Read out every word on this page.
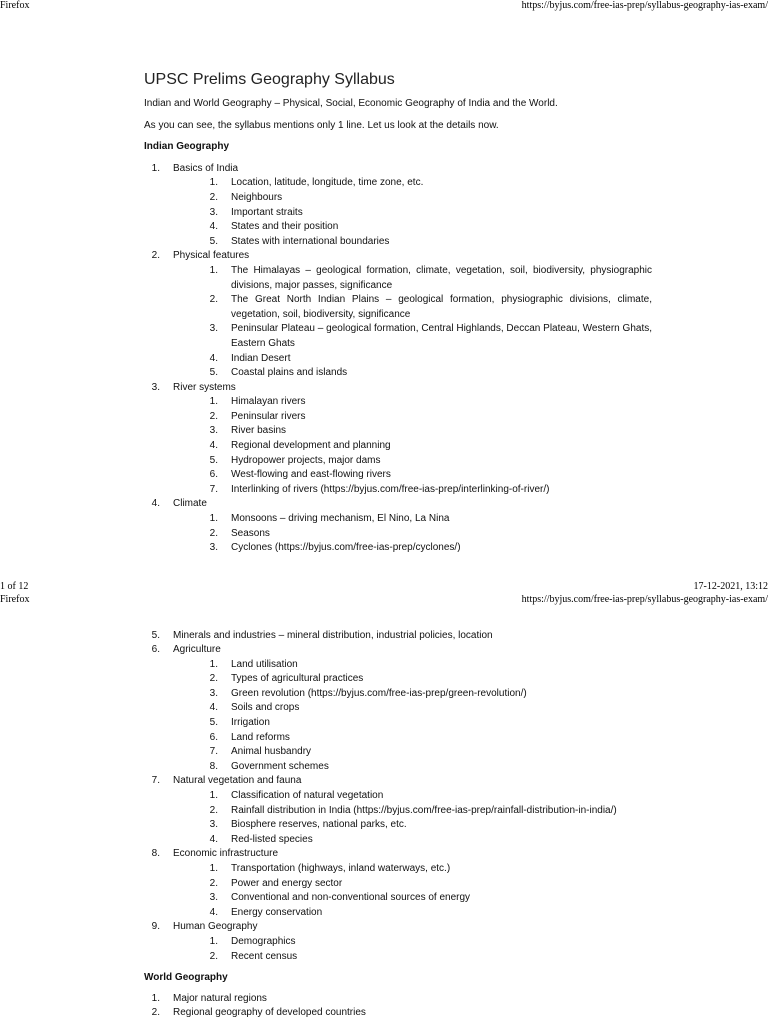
Firefox	https://byjus.com/free-ias-prep/syllabus-geography-ias-exam/
UPSC Prelims Geography Syllabus

Indian and World Geography – Physical, Social, Economic Geography of India and the World.

As you can see, the syllabus mentions only 1 line. Let us look at the details now.

Indian Geography

1. Basics of India
1. Location, latitude, longitude, time zone, etc.
2. Neighbours
3. Important straits
4. States and their position
5. States with international boundaries
2. Physical features
1. The Himalayas – geological formation, climate, vegetation, soil, biodiversity, physiographic divisions, major passes, significance
2. The Great North Indian Plains – geological formation, physiographic divisions, climate, vegetation, soil, biodiversity, significance
3. Peninsular Plateau – geological formation, Central Highlands, Deccan Plateau, Western Ghats, Eastern Ghats
4. Indian Desert
5. Coastal plains and islands
3. River systems
1. Himalayan rivers
2. Peninsular rivers
3. River basins
4. Regional development and planning
5. Hydropower projects, major dams
6. West-flowing and east-flowing rivers
7. Interlinking of rivers (https://byjus.com/free-ias-prep/interlinking-of-river/)
4. Climate
1. Monsoons – driving mechanism, El Nino, La Nina
2. Seasons
3. Cyclones (https://byjus.com/free-ias-prep/cyclones/)
1 of 12	17-12-2021, 13:12
Firefox	https://byjus.com/free-ias-prep/syllabus-geography-ias-exam/
5. Minerals and industries – mineral distribution, industrial policies, location
6. Agriculture
1. Land utilisation
2. Types of agricultural practices
3. Green revolution (https://byjus.com/free-ias-prep/green-revolution/)
4. Soils and crops
5. Irrigation
6. Land reforms
7. Animal husbandry
8. Government schemes
7. Natural vegetation and fauna
1. Classification of natural vegetation
2. Rainfall distribution in India (https://byjus.com/free-ias-prep/rainfall-distribution-in-india/)
3. Biosphere reserves, national parks, etc.
4. Red-listed species
8. Economic infrastructure
1. Transportation (highways, inland waterways, etc.)
2. Power and energy sector
3. Conventional and non-conventional sources of energy
4. Energy conservation
9. Human Geography
1. Demographics
2. Recent census

World Geography

1. Major natural regions
2. Regional geography of developed countries
